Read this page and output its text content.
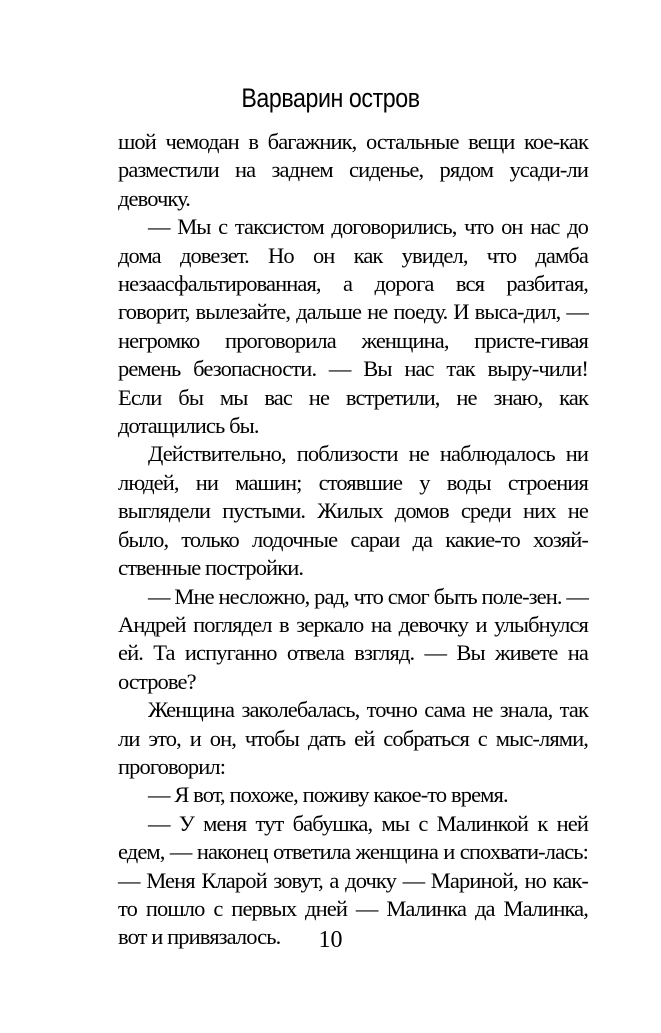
Варварин остров

шой чемодан в багажник, остальные вещи кое-как разместили на заднем сиденье, рядом усади-ли девочку.

— Мы с таксистом договорились, что он нас до дома довезет. Но он как увидел, что дамба незаасфальтированная, а дорога вся разбитая, говорит, вылезайте, дальше не поеду. И выса-дил, — негромко проговорила женщина, присте-гивая ремень безопасности. — Вы нас так выру-чили! Если бы мы вас не встретили, не знаю, как дотащились бы.

Действительно, поблизости не наблюдалось ни людей, ни машин; стоявшие у воды строения выглядели пустыми. Жилых домов среди них не было, только лодочные сараи да какие-то хозяй-ственные постройки.

— Мне несложно, рад, что смог быть поле-зен. — Андрей поглядел в зеркало на девочку и улыбнулся ей. Та испуганно отвела взгляд. — Вы живете на острове?

Женщина заколебалась, точно сама не знала, так ли это, и он, чтобы дать ей собраться с мыс-лями, проговорил:

— Я вот, похоже, поживу какое-то время.

— У меня тут бабушка, мы с Малинкой к ней едем, — наконец ответила женщина и спохвати-лась: — Меня Кларой зовут, а дочку — Мариной, но как-то пошло с первых дней — Малинка да Малинка, вот и привязалось.	10
